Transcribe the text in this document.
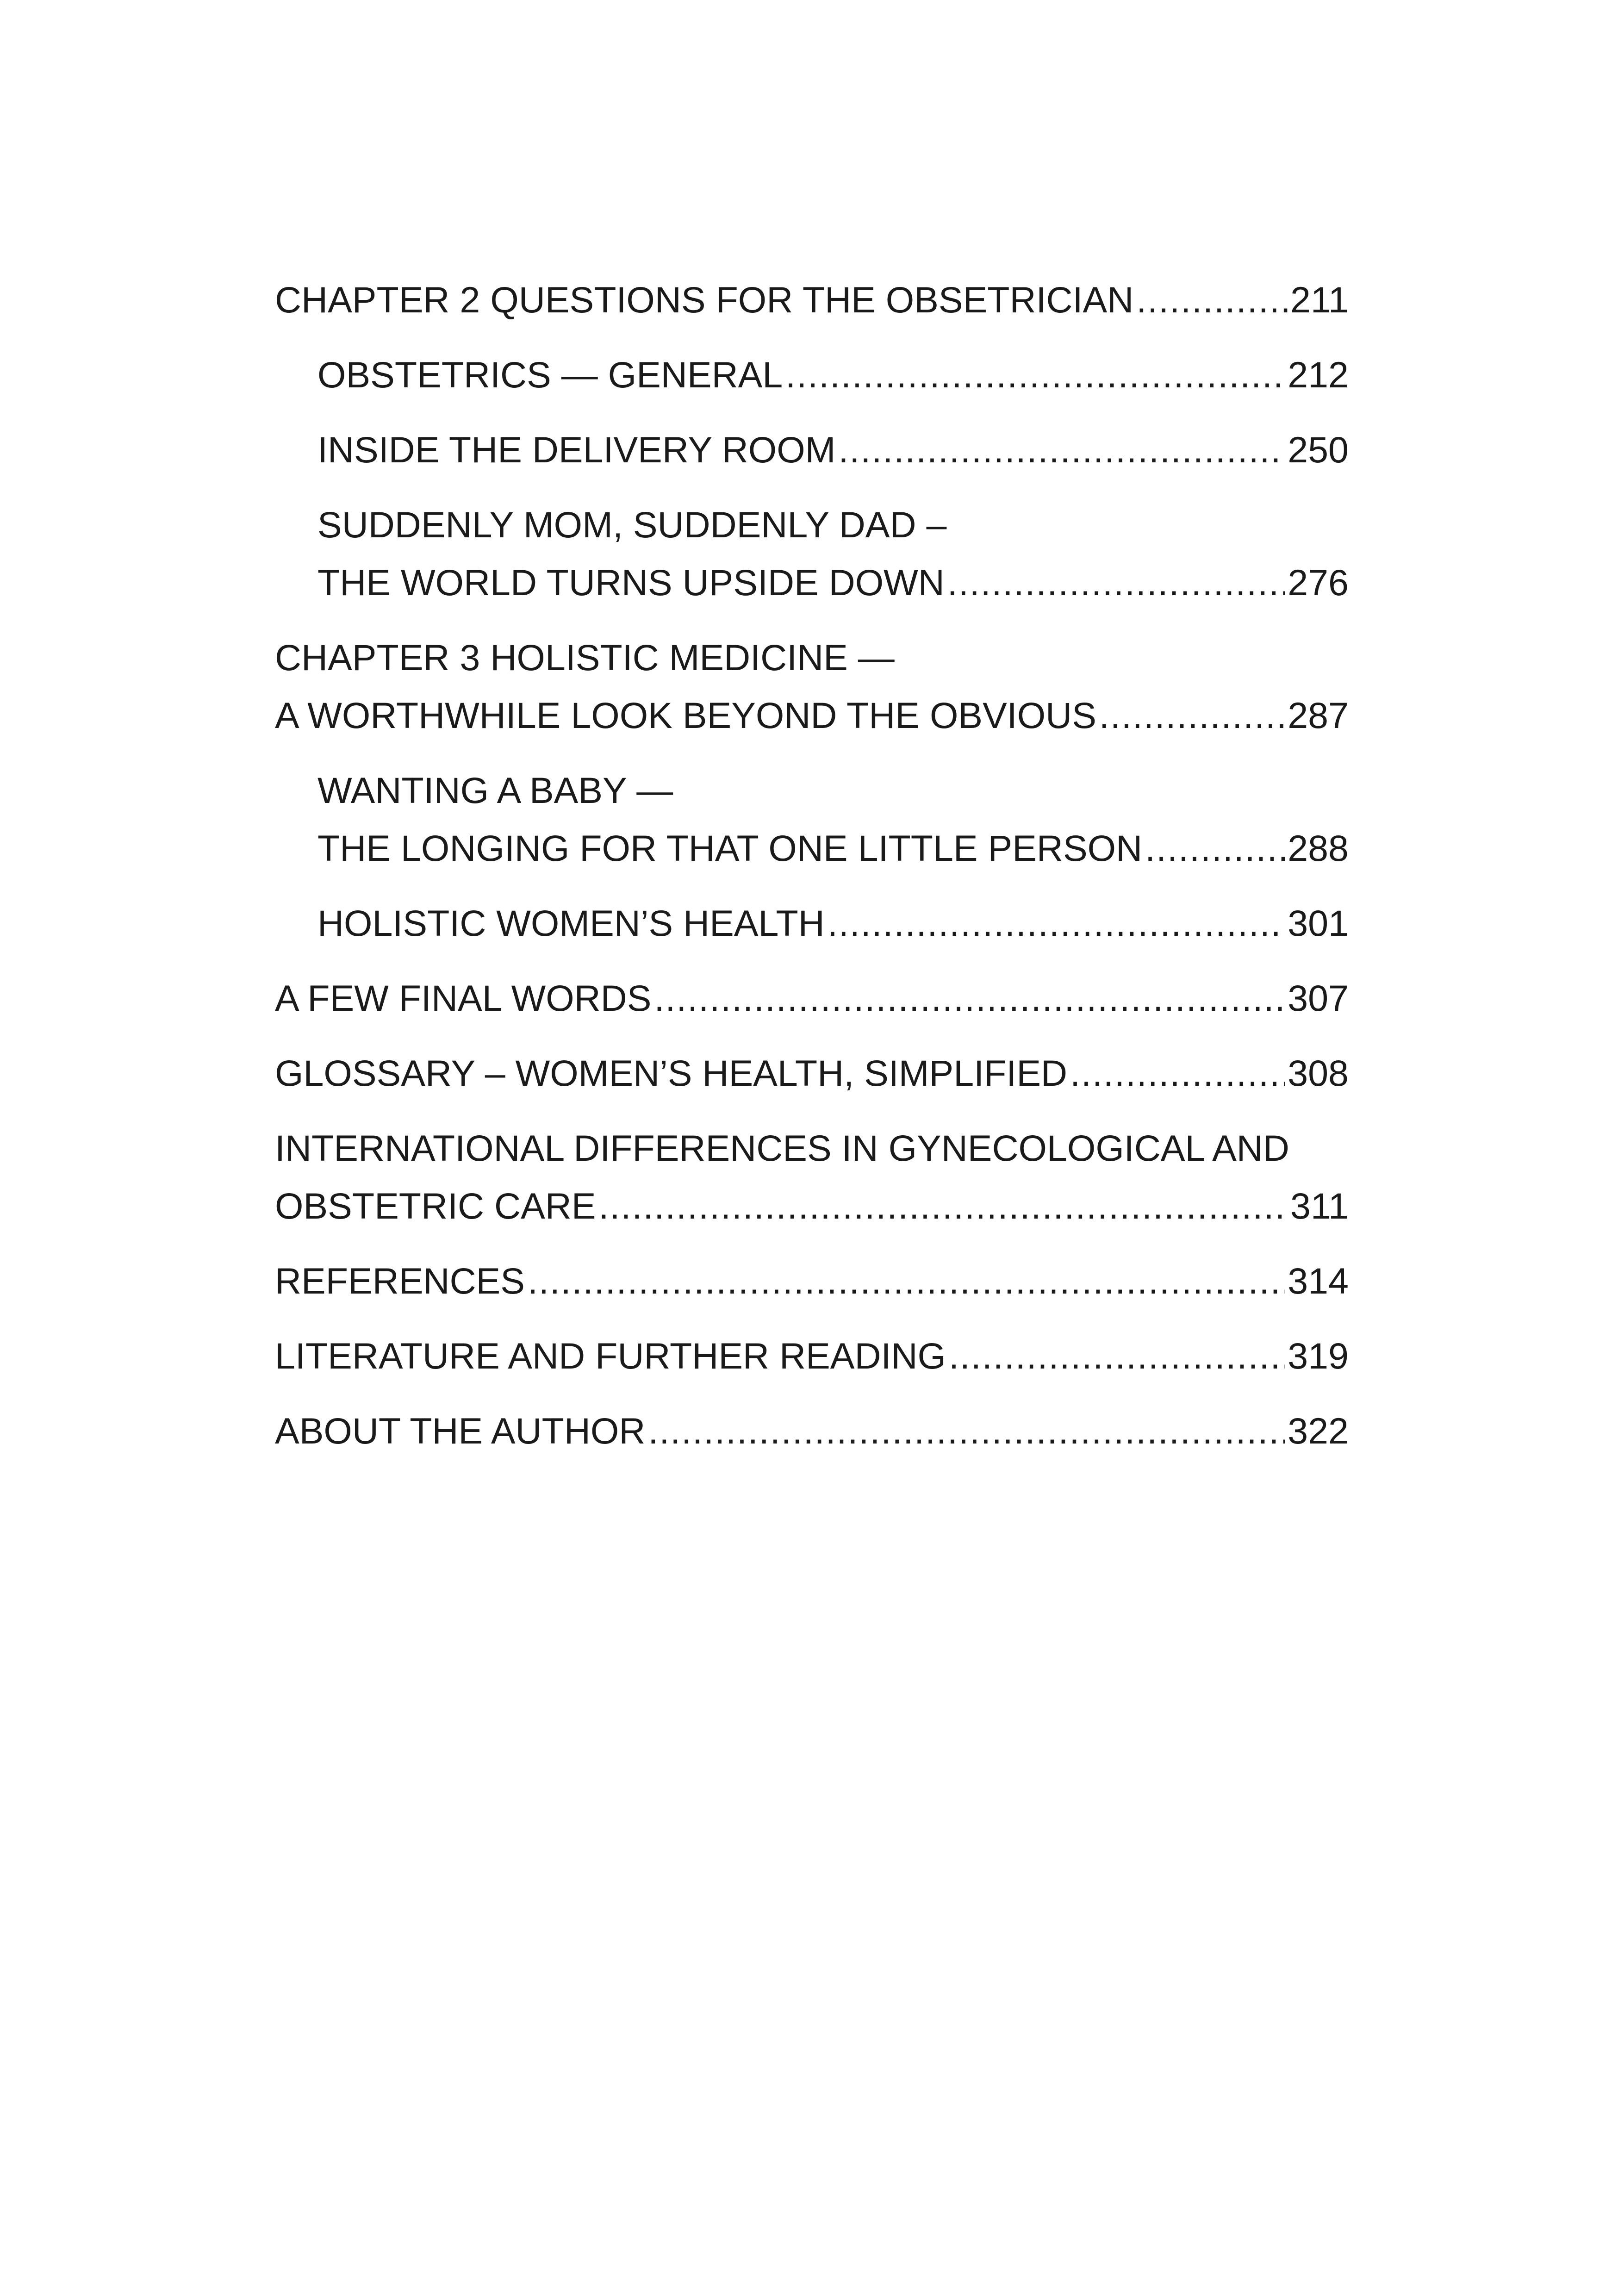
CHAPTER 2 QUESTIONS FOR THE OBSETRICIAN .....	211
OBSTETRICS — GENERAL .....	212
INSIDE THE DELIVERY ROOM .....	250
SUDDENLY MOM, SUDDENLY DAD –
THE WORLD TURNS UPSIDE DOWN .....	276
CHAPTER 3 HOLISTIC MEDICINE —
A WORTHWHILE LOOK BEYOND THE OBVIOUS .....	287
WANTING A BABY —
THE LONGING FOR THAT ONE LITTLE PERSON .....	288
HOLISTIC WOMEN’S HEALTH .....	301
A FEW FINAL WORDS .....	307
GLOSSARY – WOMEN’S HEALTH, SIMPLIFIED .....	308
INTERNATIONAL DIFFERENCES IN GYNECOLOGICAL AND
OBSTETRIC CARE .....	311
REFERENCES .....	314
LITERATURE AND FURTHER READING .....	319
ABOUT THE AUTHOR .....	322
